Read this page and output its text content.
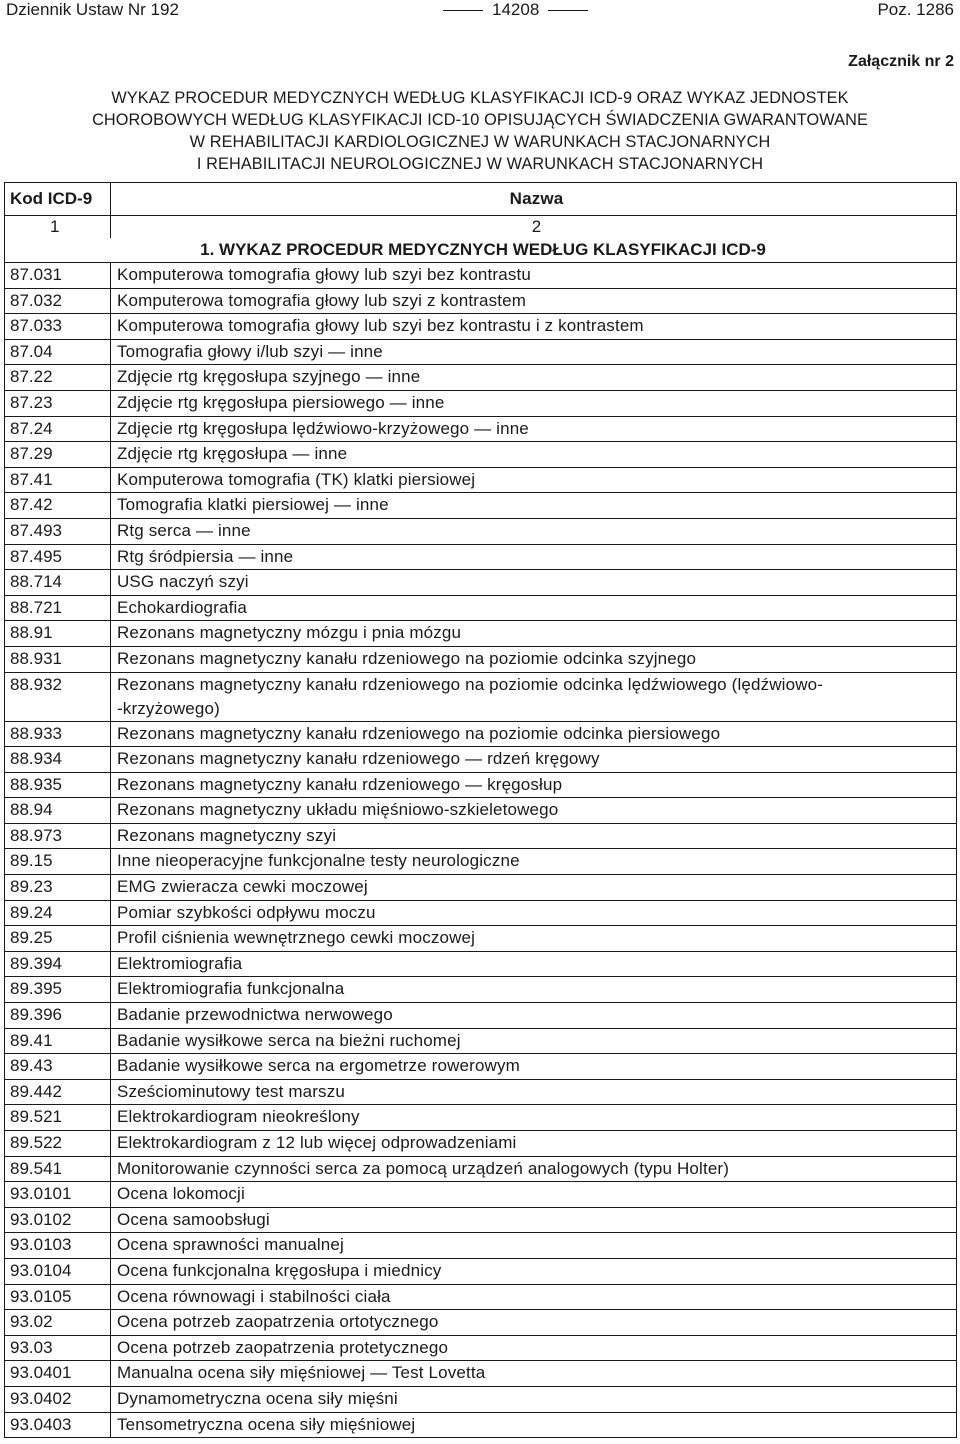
Dziennik Ustaw Nr 192	14208	Poz. 1286
Załącznik nr 2
WYKAZ PROCEDUR MEDYCZNYCH WEDŁUG KLASYFIKACJI ICD-9 ORAZ WYKAZ JEDNOSTEK
CHOROBOWYCH WEDŁUG KLASYFIKACJI ICD-10 OPISUJĄCYCH ŚWIADCZENIA GWARANTOWANE
W REHABILITACJI KARDIOLOGICZNEJ W WARUNKACH STACJONARNYCH
I REHABILITACJI NEUROLOGICZNEJ W WARUNKACH STACJONARNYCH
Kod ICD-9	Nazwa
1	2
1. WYKAZ PROCEDUR MEDYCZNYCH WEDŁUG KLASYFIKACJI ICD-9	
87.031	Komputerowa tomografia głowy lub szyi bez kontrastu
87.032	Komputerowa tomografia głowy lub szyi z kontrastem
87.033	Komputerowa tomografia głowy lub szyi bez kontrastu i z kontrastem
87.04	Tomografia głowy i/lub szyi — inne
87.22	Zdjęcie rtg kręgosłupa szyjnego — inne
87.23	Zdjęcie rtg kręgosłupa piersiowego — inne
87.24	Zdjęcie rtg kręgosłupa lędźwiowo-krzyżowego — inne
87.29	Zdjęcie rtg kręgosłupa — inne
87.41	Komputerowa tomografia (TK) klatki piersiowej
87.42	Tomografia klatki piersiowej — inne
87.493	Rtg serca — inne
87.495	Rtg śródpiersia — inne
88.714	USG naczyń szyi
88.721	Echokardiografia
88.91	Rezonans magnetyczny mózgu i pnia mózgu
88.931	Rezonans magnetyczny kanału rdzeniowego na poziomie odcinka szyjnego
88.932	Rezonans magnetyczny kanału rdzeniowego na poziomie odcinka lędźwiowego (lędźwiowo-
-krzyżowego)
88.933	Rezonans magnetyczny kanału rdzeniowego na poziomie odcinka piersiowego
88.934	Rezonans magnetyczny kanału rdzeniowego — rdzeń kręgowy
88.935	Rezonans magnetyczny kanału rdzeniowego — kręgosłup
88.94	Rezonans magnetyczny układu mięśniowo-szkieletowego
88.973	Rezonans magnetyczny szyi
89.15	Inne nieoperacyjne funkcjonalne testy neurologiczne
89.23	EMG zwieracza cewki moczowej
89.24	Pomiar szybkości odpływu moczu
89.25	Profil ciśnienia wewnętrznego cewki moczowej
89.394	Elektromiografia
89.395	Elektromiografia funkcjonalna
89.396	Badanie przewodnictwa nerwowego
89.41	Badanie wysiłkowe serca na bieżni ruchomej
89.43	Badanie wysiłkowe serca na ergometrze rowerowym
89.442	Sześciominutowy test marszu
89.521	Elektrokardiogram nieokreślony
89.522	Elektrokardiogram z 12 lub więcej odprowadzeniami
89.541	Monitorowanie czynności serca za pomocą urządzeń analogowych (typu Holter)
93.0101	Ocena lokomocji
93.0102	Ocena samoobsługi
93.0103	Ocena sprawności manualnej
93.0104	Ocena funkcjonalna kręgosłupa i miednicy
93.0105	Ocena równowagi i stabilności ciała
93.02	Ocena potrzeb zaopatrzenia ortotycznego
93.03	Ocena potrzeb zaopatrzenia protetycznego
93.0401	Manualna ocena siły mięśniowej — Test Lovetta
93.0402	Dynamometryczna ocena siły mięśni
93.0403	Tensometryczna ocena siły mięśniowej
